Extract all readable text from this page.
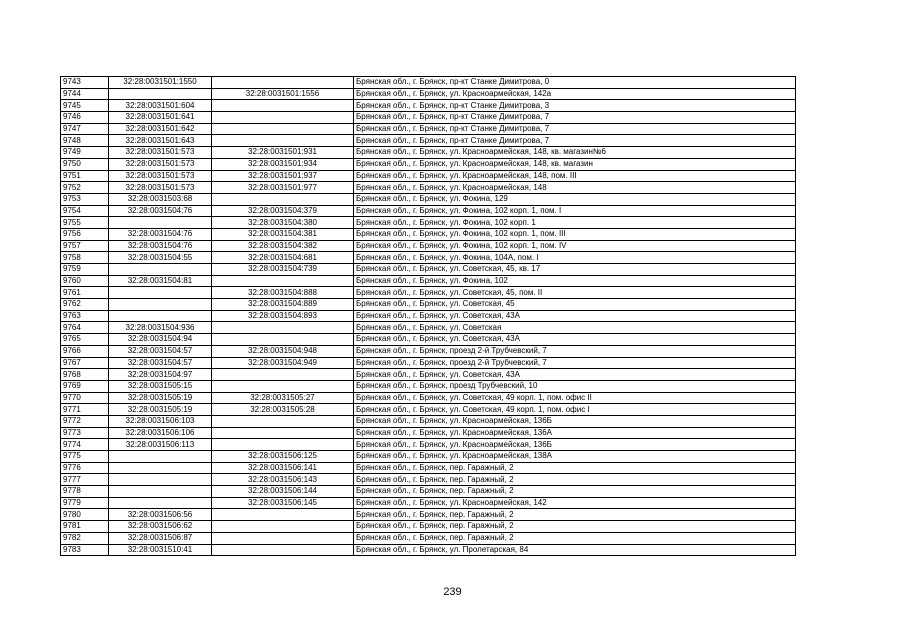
9743	32:28:0031501:1550		Брянская обл., г. Брянск, пр-кт Станке Димитрова, 0
9744		32:28:0031501:1556	Брянская обл., г. Брянск, ул. Красноармейская, 142а
9745	32:28:0031501:604		Брянская обл., г. Брянск, пр-кт Станке Димитрова, 3
9746	32:28:0031501:641		Брянская обл., г. Брянск, пр-кт Станке Димитрова, 7
9747	32:28:0031501:642		Брянская обл., г. Брянск, пр-кт Станке Димитрова, 7
9748	32:28:0031501:643		Брянская обл., г. Брянск, пр-кт Станке Димитрова, 7
9749	32:28:0031501:573	32:28:0031501:931	Брянская обл., г. Брянск, ул. Красноармейская, 148, кв. магазин№6
9750	32:28:0031501:573	32:28:0031501:934	Брянская обл., г. Брянск, ул. Красноармейская, 148, кв. магазин
9751	32:28:0031501:573	32:28:0031501:937	Брянская обл., г. Брянск, ул. Красноармейская, 148, пом. III
9752	32:28:0031501:573	32:28:0031501:977	Брянская обл., г. Брянск, ул. Красноармейская, 148
9753	32:28:0031503:68		Брянская обл., г. Брянск, ул. Фокина, 129
9754	32:28:0031504:76	32:28:0031504:379	Брянская обл., г. Брянск, ул. Фокина, 102 корп. 1, пом. I
9755		32:28:0031504:380	Брянская обл., г. Брянск, ул. Фокина, 102 корп. 1
9756	32:28:0031504:76	32:28:0031504:381	Брянская обл., г. Брянск, ул. Фокина, 102 корп. 1, пом. III
9757	32:28:0031504:76	32:28:0031504:382	Брянская обл., г. Брянск, ул. Фокина, 102 корп. 1, пом. IV
9758	32:28:0031504:55	32:28:0031504:681	Брянская обл., г. Брянск, ул. Фокина, 104А, пом. I
9759		32:28:0031504:739	Брянская обл., г. Брянск, ул. Советская, 45, кв. 17
9760	32:28:0031504:81		Брянская обл., г. Брянск, ул. Фокина, 102
9761		32:28:0031504:888	Брянская обл., г. Брянск, ул. Советская, 45, пом. II
9762		32:28:0031504:889	Брянская обл., г. Брянск, ул. Советская, 45
9763		32:28:0031504:893	Брянская обл., г. Брянск, ул. Советская, 43А
9764	32:28:0031504:936		Брянская обл., г. Брянск, ул. Советская
9765	32:28:0031504:94		Брянская обл., г. Брянск, ул. Советская, 43А
9766	32:28:0031504:57	32:28:0031504:948	Брянская обл., г. Брянск, проезд 2-й Трубчевский, 7
9767	32:28:0031504:57	32:28:0031504:949	Брянская обл., г. Брянск, проезд 2-й Трубчевский, 7
9768	32:28:0031504:97		Брянская обл., г. Брянск, ул. Советская, 43А
9769	32:28:0031505:15		Брянская обл., г. Брянск, проезд Трубчевский, 10
9770	32:28:0031505:19	32:28:0031505:27	Брянская обл., г. Брянск, ул. Советская, 49 корп. 1, пом. офис II
9771	32:28:0031505:19	32:28:0031505:28	Брянская обл., г. Брянск, ул. Советская, 49 корп. 1, пом. офис I
9772	32:28:0031506:103		Брянская обл., г. Брянск, ул. Красноармейская, 136Б
9773	32:28:0031506:106		Брянская обл., г. Брянск, ул. Красноармейская, 136А
9774	32:28:0031506:113		Брянская обл., г. Брянск, ул. Красноармейская, 136Б
9775		32:28:0031506:125	Брянская обл., г. Брянск, ул. Красноармейская, 138А
9776		32:28:0031506:141	Брянская обл., г. Брянск, пер. Гаражный, 2
9777		32:28:0031506:143	Брянская обл., г. Брянск, пер. Гаражный, 2
9778		32:28:0031506:144	Брянская обл., г. Брянск, пер. Гаражный, 2
9779		32:28:0031506:145	Брянская обл., г. Брянск, ул. Красноармейская, 142
9780	32:28:0031506:56		Брянская обл., г. Брянск, пер. Гаражный, 2
9781	32:28:0031506:62		Брянская обл., г. Брянск, пер. Гаражный, 2
9782	32:28:0031506:87		Брянская обл., г. Брянск, пер. Гаражный, 2
9783	32:28:0031510:41		Брянская обл., г. Брянск, ул. Пролетарская, 84
239
